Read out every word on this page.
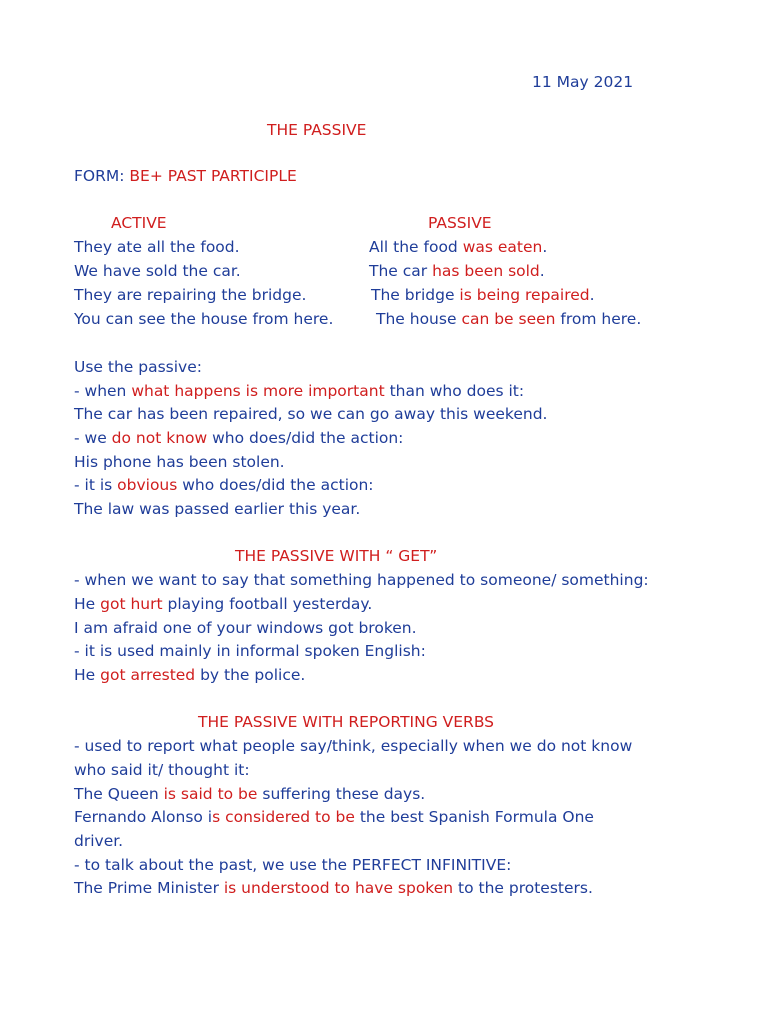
11 May 2021
THE PASSIVE
FORM: BE+ PAST PARTICIPLE
ACTIVE	PASSIVE
They ate all the food.	All the food was eaten.
We have sold the car.	The car has been sold.
They are repairing the bridge.	The bridge is being repaired.
You can see the house from here.	The house can be seen from here.
Use the passive:
- when what happens is more important than who does it:
The car has been repaired, so we can go away this weekend.
- we do not know who does/did the action:
His phone has been stolen.
- it is obvious who does/did the action:
The law was passed earlier this year.
THE PASSIVE WITH “ GET”
- when we want to say that something happened to someone/ something:
He got hurt playing football yesterday.
I am afraid one of your windows got broken.
- it is used mainly in informal spoken English:
He got arrested by the police.
THE PASSIVE WITH REPORTING VERBS
- used to report what people say/think, especially when we do not know
who said it/ thought it:
The Queen is said to be suffering these days.
Fernando Alonso is considered to be the best Spanish Formula One
driver.
- to talk about the past, we use the PERFECT INFINITIVE:
The Prime Minister is understood to have spoken to the protesters.
